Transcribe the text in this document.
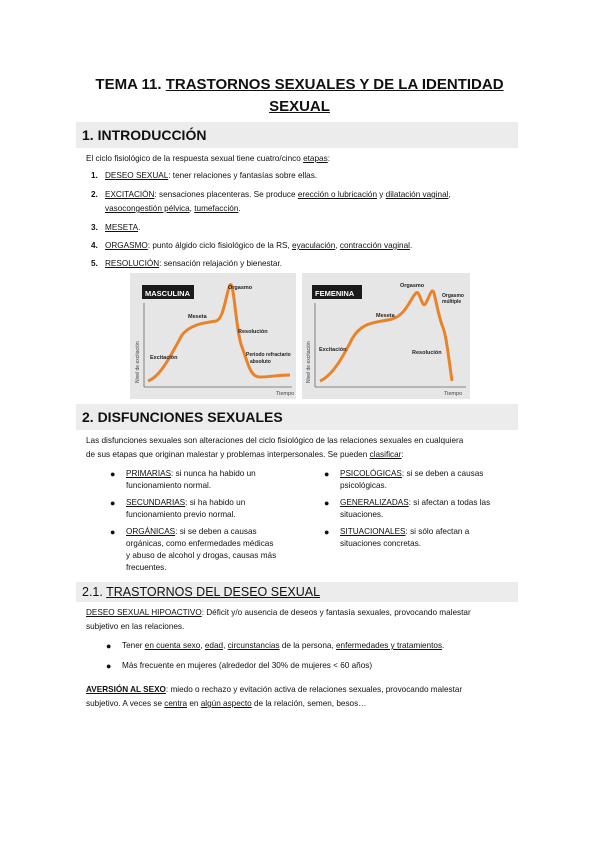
TEMA 11. TRASTORNOS SEXUALES Y DE LA IDENTIDAD
SEXUAL
1. INTRODUCCIÓN
El ciclo fisiológico de la respuesta sexual tiene cuatro/cinco etapas:
1. DESEO SEXUAL: tener relaciones y fantasías sobre ellas.
2. EXCITACIÓN: sensaciones placenteras. Se produce erección o lubricación y dilatación vaginal,
vasocongestión pélvica, tumefacción.
3. MESETA.
4. ORGASMO: punto álgido ciclo fisiológico de la RS, eyaculación, contracción vaginal.
5. RESOLUCIÓN: sensación relajación y bienestar.
MASCULINA
Nivel de excitación
Tiempo
Orgasmo
Meseta
Excitación
Resolución
Periodo refractario
absoluto
FEMENINA
Nivel de excitación
Tiempo
Orgasmo
Orgasmo
múltiple
Meseta
Excitación	Resolución
2. DISFUNCIONES SEXUALES
Las disfunciones sexuales son alteraciones del ciclo fisiológico de las relaciones sexuales en cualquiera
de sus etapas que originan malestar y problemas interpersonales. Se pueden clasificar:
● PRIMARIAS: si nunca ha habido un
funcionamiento normal.
● SECUNDARIAS: si ha habido un
funcionamiento previo normal.
● ORGÁNICAS: si se deben a causas
orgánicas, como enfermedades médicas
y abuso de alcohol y drogas, causas más
frecuentes.
● PSICOLÓGICAS: si se deben a causas
psicológicas.
● GENERALIZADAS: si afectan a todas las
situaciones.
● SITUACIONALES: si sólo afectan a
situaciones concretas.
2.1. TRASTORNOS DEL DESEO SEXUAL
DESEO SEXUAL HIPOACTIVO: Déficit y/o ausencia de deseos y fantasía sexuales, provocando malestar
subjetivo en las relaciones.
● Tener en cuenta sexo, edad, circunstancias de la persona, enfermedades y tratamientos.
● Más frecuente en mujeres (alrededor del 30% de mujeres < 60 años)
AVERSIÓN AL SEXO: miedo o rechazo y evitación activa de relaciones sexuales, provocando malestar
subjetivo. A veces se centra en algún aspecto de la relación, semen, besos…
